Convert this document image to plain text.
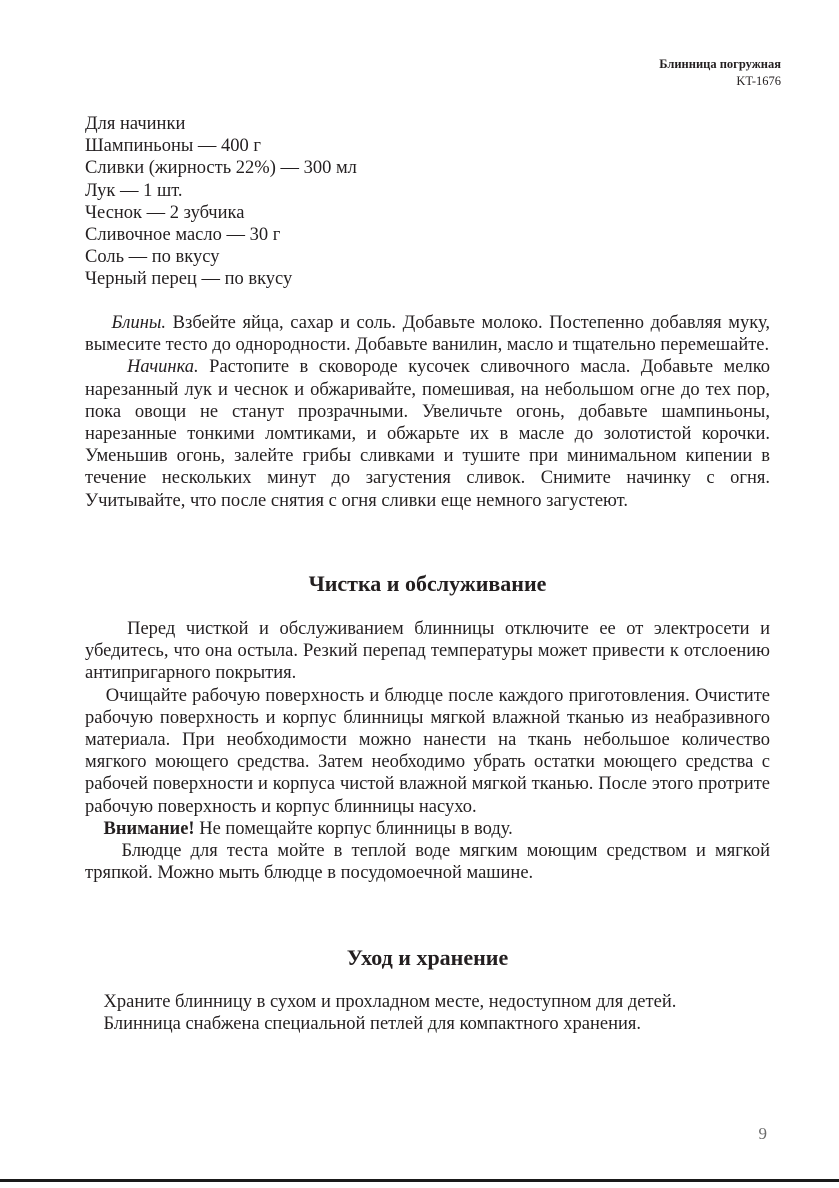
Блинница погружная
KT-1676
Для начинки
Шампиньоны — 400 г
Сливки (жирность 22%) — 300 мл
Лук — 1 шт.
Чеснок — 2 зубчика
Сливочное масло — 30 г
Соль — по вкусу
Черный перец — по вкусу

Блины. Взбейте яйца, сахар и соль. Добавьте молоко. Постепенно добавляя муку, вымесите тесто до однородности. Добавьте ванилин, масло и тщательно перемешайте.

Начинка. Растопите в сковороде кусочек сливочного масла. Добавьте мелко нарезанный лук и чеснок и обжаривайте, помешивая, на небольшом огне до тех пор, пока овощи не станут прозрачными. Увеличьте огонь, добавьте шампиньоны, нарезанные тонкими ломтиками, и обжарьте их в масле до золотистой корочки. Уменьшив огонь, залейте грибы сливками и тушите при минимальном кипении в течение нескольких минут до загустения сливок. Снимите начинку с огня. Учитывайте, что после снятия с огня сливки еще немного загустеют.

Чистка и обслуживание

Перед чисткой и обслуживанием блинницы отключите ее от электросети и убедитесь, что она остыла. Резкий перепад температуры может привести к отслоению антипригарного покрытия.

Очищайте рабочую поверхность и блюдце после каждого приготовления. Очистите рабочую поверхность и корпус блинницы мягкой влажной тканью из неабразивного материала. При необходимости можно нанести на ткань небольшое количество мягкого моющего средства. Затем необходимо убрать остатки моющего средства с рабочей поверхности и корпуса чистой влажной мягкой тканью. После этого протрите рабочую поверхность и корпус блинницы насухо.

Внимание! Не помещайте корпус блинницы в воду.

Блюдце для теста мойте в теплой воде мягким моющим средством и мягкой тряпкой. Можно мыть блюдце в посудомоечной машине.

Уход и хранение

Храните блинницу в сухом и прохладном месте, недоступном для детей.

Блинница снабжена специальной петлей для компактного хранения.

9
